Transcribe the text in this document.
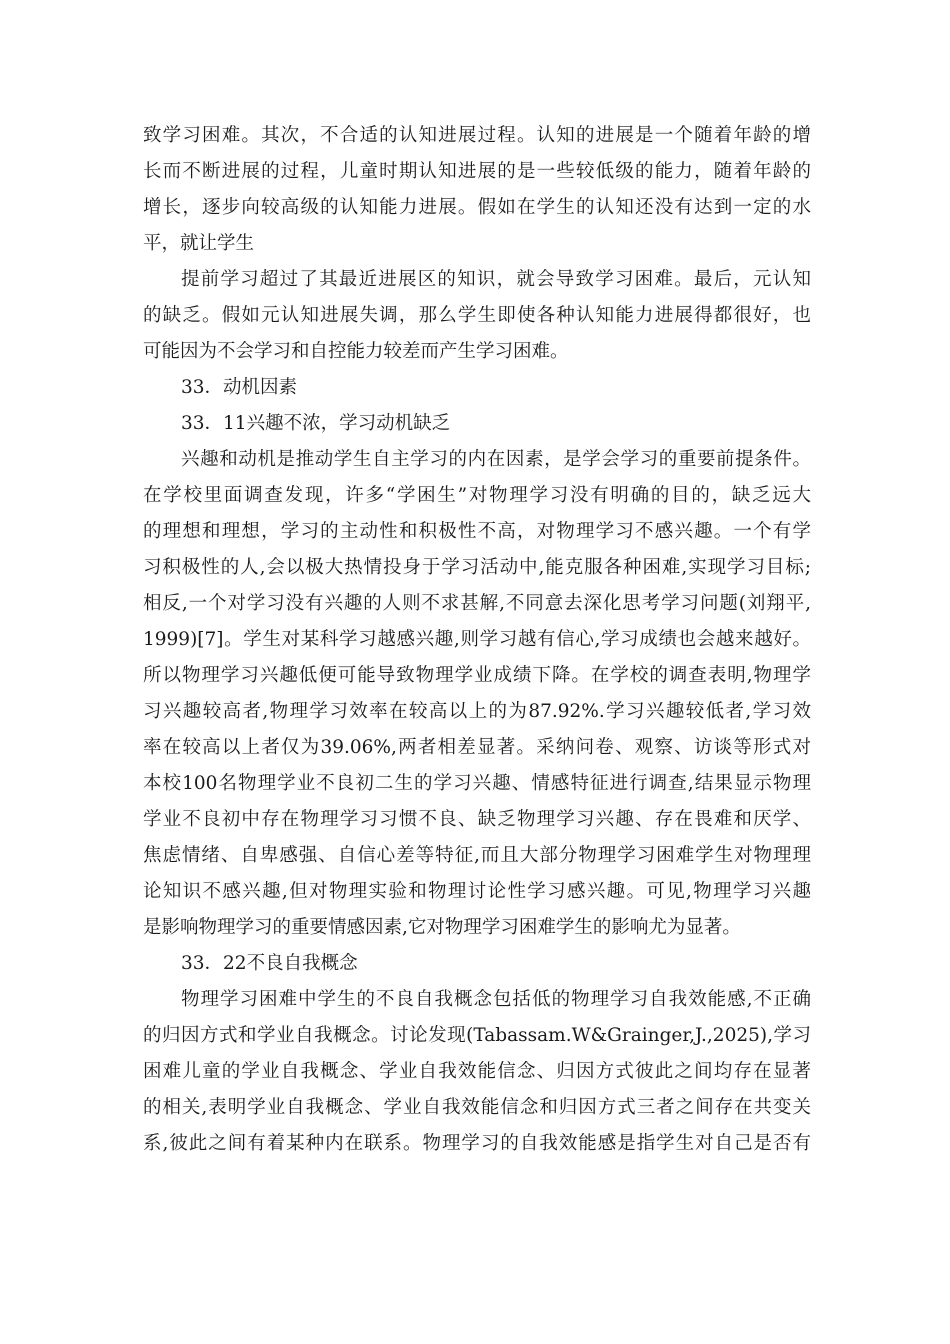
致学习困难。其次，不合适的认知进展过程。认知的进展是一个随着年龄的增
长而不断进展的过程，儿童时期认知进展的是一些较低级的能力，随着年龄的
增长，逐步向较高级的认知能力进展。假如在学生的认知还没有达到一定的水
平，就让学生
提前学习超过了其最近进展区的知识，就会导致学习困难。最后，元认知
的缺乏。假如元认知进展失调，那么学生即使各种认知能力进展得都很好，也
可能因为不会学习和自控能力较差而产生学习困难。
33．动机因素
33．11兴趣不浓，学习动机缺乏
兴趣和动机是推动学生自主学习的内在因素，是学会学习的重要前提条件。
在学校里面调查发现，许多“学困生”对物理学习没有明确的目的，缺乏远大
的理想和理想，学习的主动性和积极性不高，对物理学习不感兴趣。一个有学
习积极性的人,会以极大热情投身于学习活动中,能克服各种困难,实现学习目标;
相反,一个对学习没有兴趣的人则不求甚解,不同意去深化思考学习问题(刘翔平,
1999)[7]。学生对某科学习越感兴趣,则学习越有信心,学习成绩也会越来越好。
所以物理学习兴趣低便可能导致物理学业成绩下降。在学校的调查表明,物理学
习兴趣较高者,物理学习效率在较高以上的为87.92%.学习兴趣较低者,学习效
率在较高以上者仅为39.06%,两者相差显著。采纳问卷、观察、访谈等形式对
本校100名物理学业不良初二生的学习兴趣、情感特征进行调查,结果显示物理
学业不良初中存在物理学习习惯不良、缺乏物理学习兴趣、存在畏难和厌学、
焦虑情绪、自卑感强、自信心差等特征,而且大部分物理学习困难学生对物理理
论知识不感兴趣,但对物理实验和物理讨论性学习感兴趣。可见,物理学习兴趣
是影响物理学习的重要情感因素,它对物理学习困难学生的影响尤为显著。
33．22不良自我概念
物理学习困难中学生的不良自我概念包括低的物理学习自我效能感,不正确
的归因方式和学业自我概念。讨论发现(Tabassam.W&Grainger,J.,2025),学习
困难儿童的学业自我概念、学业自我效能信念、归因方式彼此之间均存在显著
的相关,表明学业自我概念、学业自我效能信念和归因方式三者之间存在共变关
系,彼此之间有着某种内在联系。物理学习的自我效能感是指学生对自己是否有
